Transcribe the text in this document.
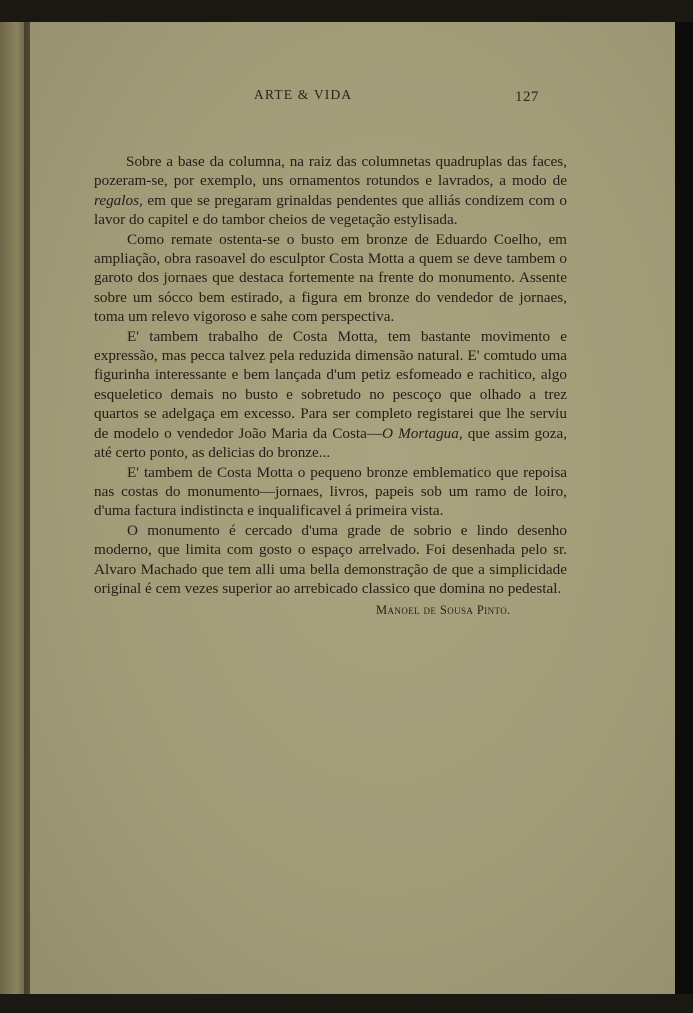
ARTE & VIDA	127

Sobre a base da columna, na raiz das columnetas quadruplas das faces, pozeram-se, por exemplo, uns ornamentos rotundos e lavrados, a modo de regalos, em que se pregaram grinaldas pendentes que alliás condizem com o lavor do capitel e do tambor cheios de vegetação estylisada.

Como remate ostenta-se o busto em bronze de Eduardo Coelho, em ampliação, obra rasoavel do esculptor Costa Motta a quem se deve tambem o garoto dos jornaes que destaca fortemente na frente do monumento. Assente sobre um sócco bem estirado, a figura em bronze do vendedor de jornaes, toma um relevo vigoroso e sahe com perspectiva.

E' tambem trabalho de Costa Motta, tem bastante movimento e expressão, mas pecca talvez pela reduzida dimensão natural. E' comtudo uma figurinha interessante e bem lançada d'um petiz esfomeado e rachitico, algo esqueletico demais no busto e sobretudo no pescoço que olhado a trez quartos se adelgaça em excesso. Para ser completo registarei que lhe serviu de modelo o vendedor João Maria da Costa—O Mortagua, que assim goza, até certo ponto, as delicias do bronze...

E' tambem de Costa Motta o pequeno bronze emblematico que repoisa nas costas do monumento—jornaes, livros, papeis sob um ramo de loiro, d'uma factura indistincta e inqualificavel á primeira vista.

O monumento é cercado d'uma grade de sobrio e lindo desenho moderno, que limita com gosto o espaço arrelvado. Foi desenhada pelo sr. Alvaro Machado que tem alli uma bella demonstração de que a simplicidade original é cem vezes superior ao arrebicado classico que domina no pedestal.

Manoel de Sousa Pinto.
